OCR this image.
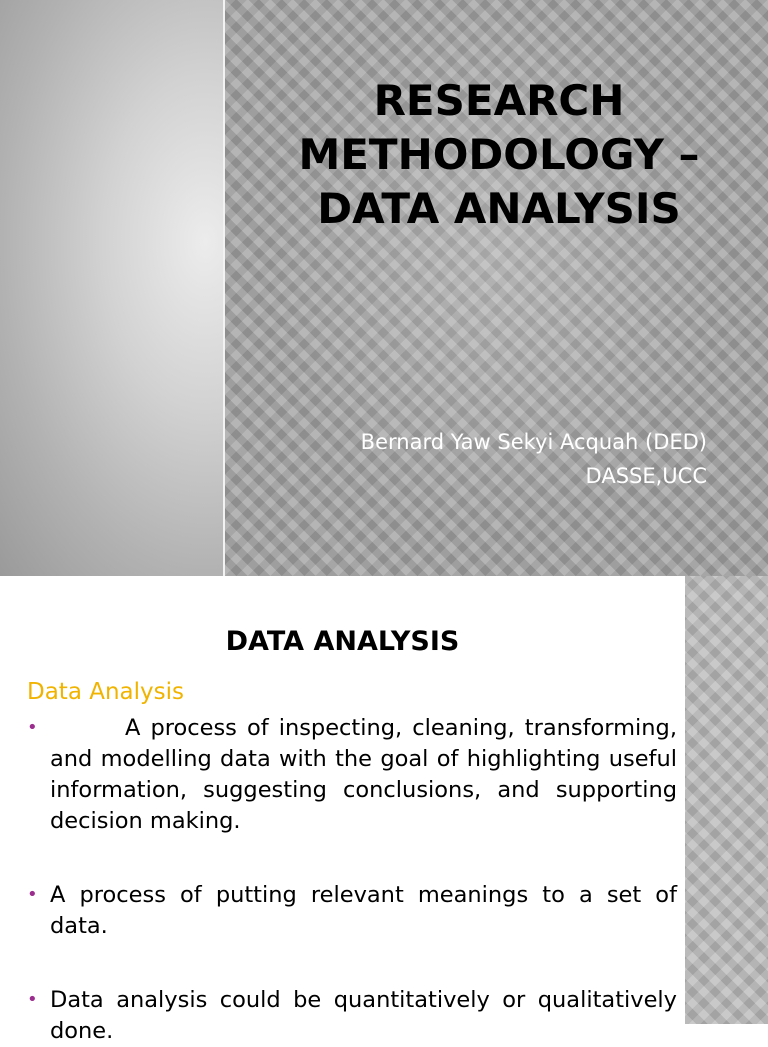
RESEARCH METHODOLOGY – DATA ANALYSIS
Bernard Yaw Sekyi Acquah (DED)
DASSE,UCC
DATA ANALYSIS
Data Analysis
•	A process of inspecting, cleaning, transforming, and modelling data with the goal of highlighting useful information, suggesting conclusions, and supporting decision making.
• A process of putting relevant meanings to a set of data.
• Data analysis could be quantitatively or qualitatively done.
